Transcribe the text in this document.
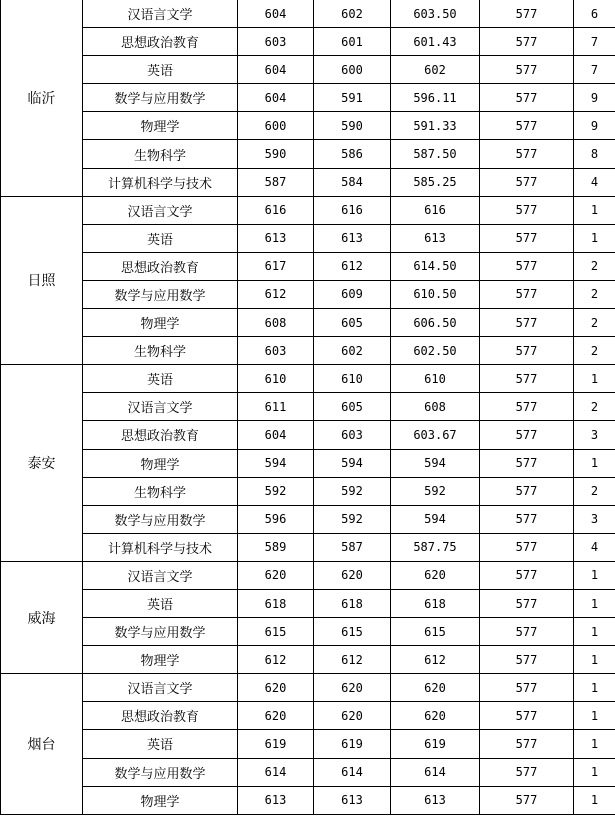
临沂	汉语言文学	604	602	603.50	577	6
	思想政治教育	603	601	601.43	577	7
	英语	604	600	602	577	7
	数学与应用数学	604	591	596.11	577	9
	物理学	600	590	591.33	577	9
	生物科学	590	586	587.50	577	8
	计算机科学与技术	587	584	585.25	577	4
日照	汉语言文学	616	616	616	577	1
	英语	613	613	613	577	1
	思想政治教育	617	612	614.50	577	2
	数学与应用数学	612	609	610.50	577	2
	物理学	608	605	606.50	577	2
	生物科学	603	602	602.50	577	2
泰安	英语	610	610	610	577	1
	汉语言文学	611	605	608	577	2
	思想政治教育	604	603	603.67	577	3
	物理学	594	594	594	577	1
	生物科学	592	592	592	577	2
	数学与应用数学	596	592	594	577	3
	计算机科学与技术	589	587	587.75	577	4
威海	汉语言文学	620	620	620	577	1
	英语	618	618	618	577	1
	数学与应用数学	615	615	615	577	1
	物理学	612	612	612	577	1
烟台	汉语言文学	620	620	620	577	1
	思想政治教育	620	620	620	577	1
	英语	619	619	619	577	1
	数学与应用数学	614	614	614	577	1
	物理学	613	613	613	577	1
